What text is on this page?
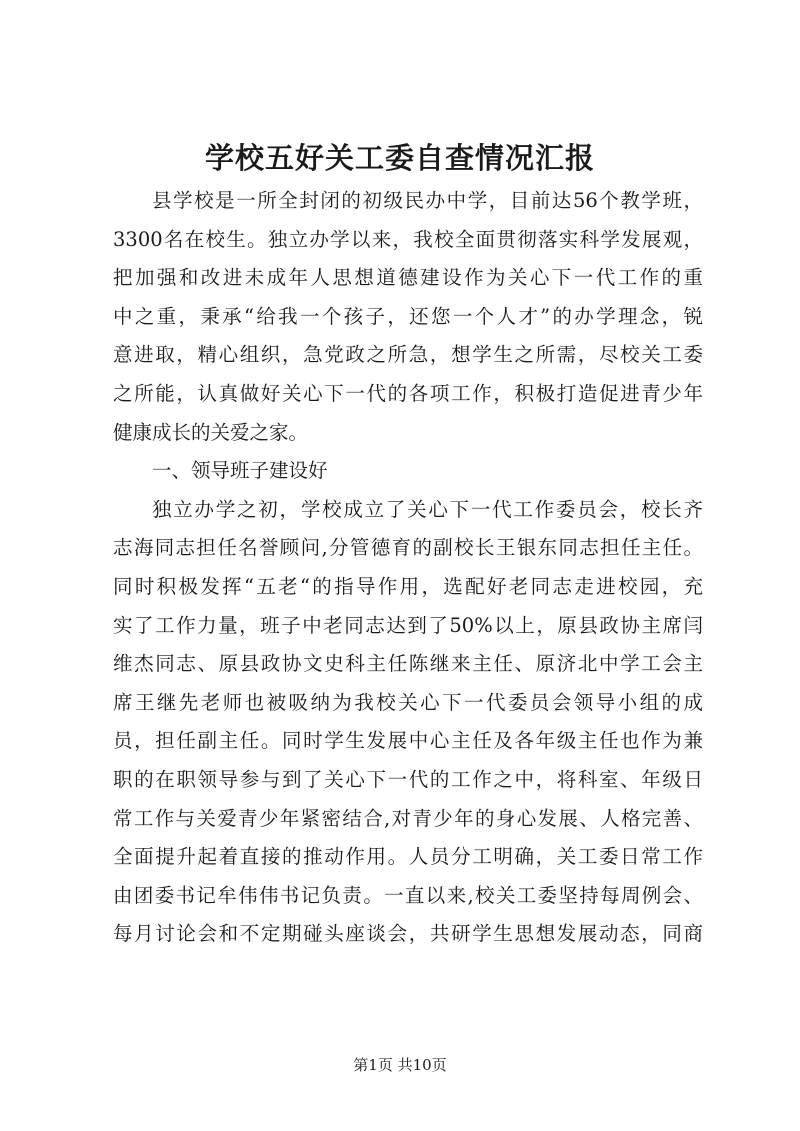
学校五好关工委自查情况汇报
县学校是一所全封闭的初级民办中学，目前达56个教学班，
3300名在校生。独立办学以来，我校全面贯彻落实科学发展观，
把加强和改进未成年人思想道德建设作为关心下一代工作的重
中之重，秉承“给我一个孩子，还您一个人才”的办学理念，锐
意进取，精心组织，急党政之所急，想学生之所需，尽校关工委
之所能，认真做好关心下一代的各项工作，积极打造促进青少年
健康成长的关爱之家。
一、领导班子建设好
独立办学之初，学校成立了关心下一代工作委员会，校长齐
志海同志担任名誉顾问,分管德育的副校长王银东同志担任主任。
同时积极发挥“五老“的指导作用，选配好老同志走进校园，充
实了工作力量，班子中老同志达到了50%以上，原县政协主席闫
维杰同志、原县政协文史科主任陈继来主任、原济北中学工会主
席王继先老师也被吸纳为我校关心下一代委员会领导小组的成
员，担任副主任。同时学生发展中心主任及各年级主任也作为兼
职的在职领导参与到了关心下一代的工作之中，将科室、年级日
常工作与关爱青少年紧密结合,对青少年的身心发展、人格完善、
全面提升起着直接的推动作用。人员分工明确，关工委日常工作
由团委书记牟伟伟书记负责。一直以来,校关工委坚持每周例会、
每月讨论会和不定期碰头座谈会，共研学生思想发展动态，同商
第1页 共10页
